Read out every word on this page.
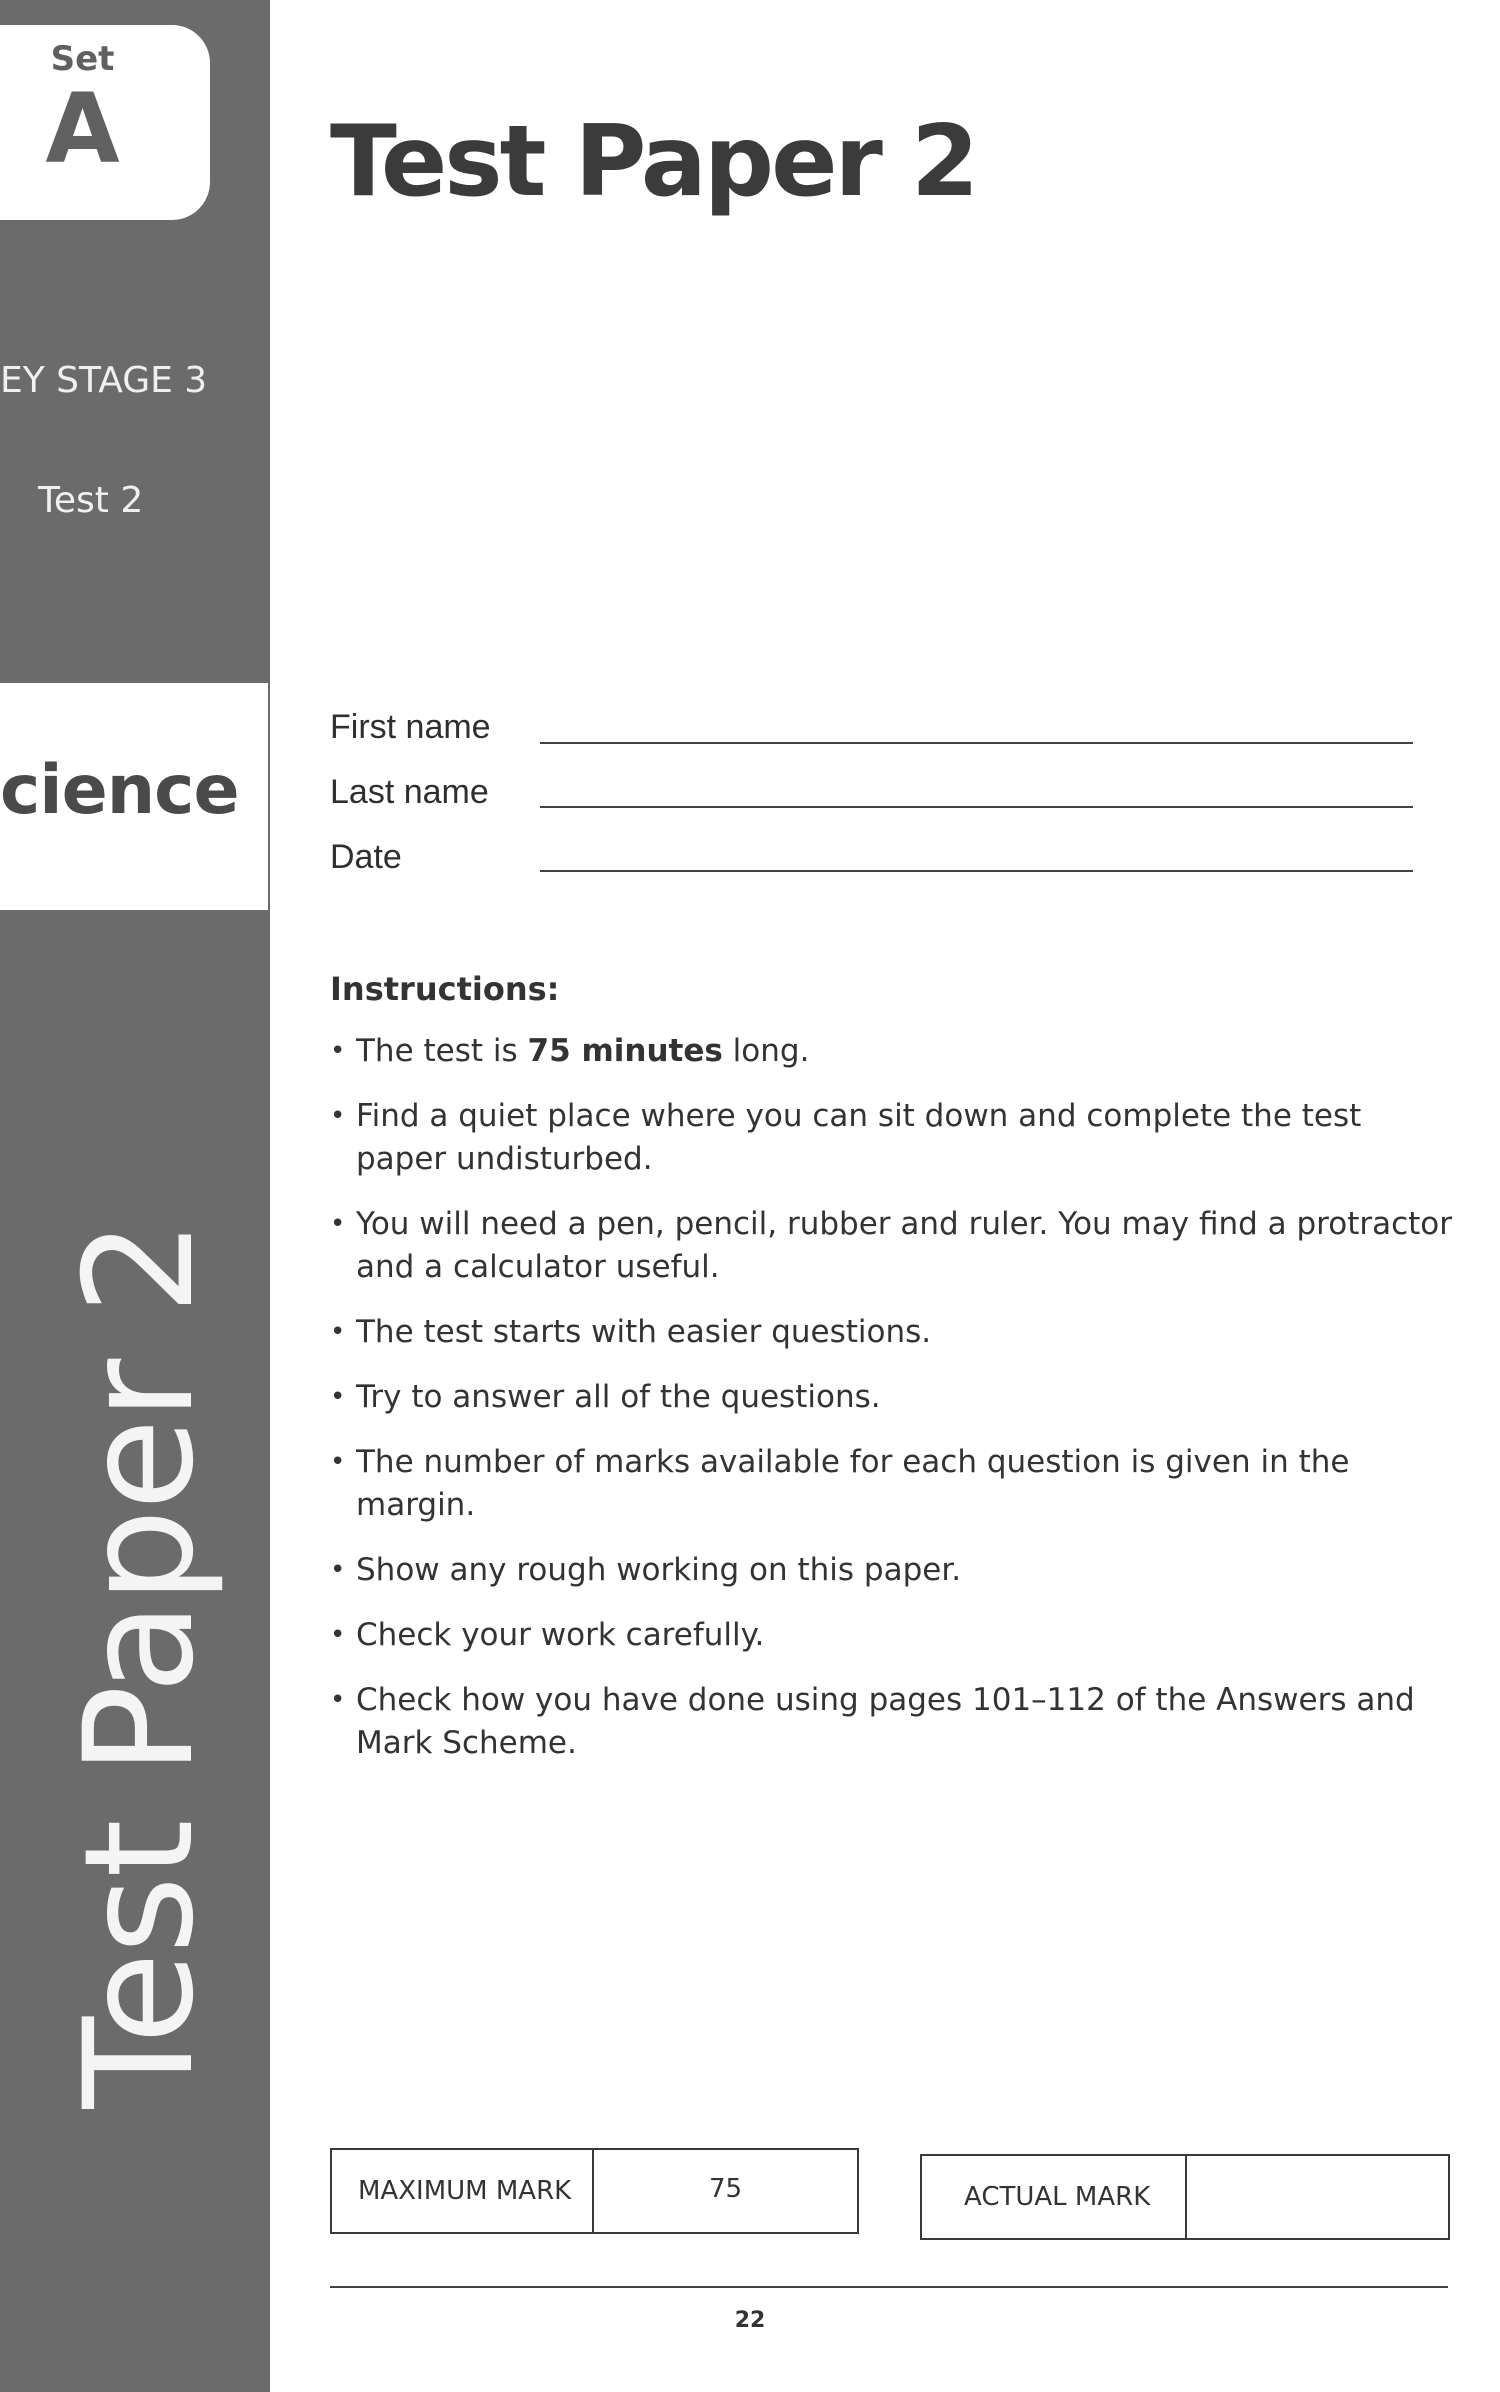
Set
A
EY STAGE 3
Test 2
cience
Test Paper 2
Test Paper 2
First name
Last name
Date
Instructions:
• The test is 75 minutes long.
• Find a quiet place where you can sit down and complete the test paper undisturbed.
• You will need a pen, pencil, rubber and ruler. You may find a protractor and a calculator useful.
• The test starts with easier questions.
• Try to answer all of the questions.
• The number of marks available for each question is given in the margin.
• Show any rough working on this paper.
• Check your work carefully.
• Check how you have done using pages 101–112 of the Answers and Mark Scheme.
MAXIMUM MARK	75	ACTUAL MARK
22
